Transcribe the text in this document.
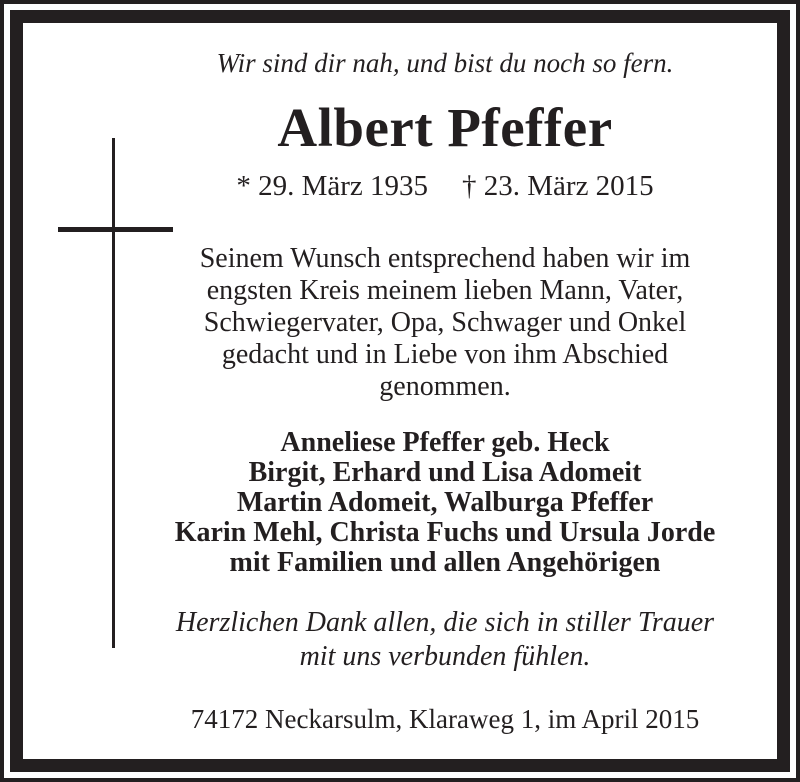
Wir sind dir nah, und bist du noch so fern.

Albert Pfeffer

* 29. März 1935 † 23. März 2015

Seinem Wunsch entsprechend haben wir im

engsten Kreis meinem lieben Mann, Vater,

Schwiegervater, Opa, Schwager und Onkel

gedacht und in Liebe von ihm Abschied

genommen.

Anneliese Pfeffer geb. Heck

Birgit, Erhard und Lisa Adomeit

Martin Adomeit, Walburga Pfeffer

Karin Mehl, Christa Fuchs und Ursula Jorde

mit Familien und allen Angehörigen

Herzlichen Dank allen, die sich in stiller Trauer

mit uns verbunden fühlen.

74172 Neckarsulm, Klaraweg 1, im April 2015
